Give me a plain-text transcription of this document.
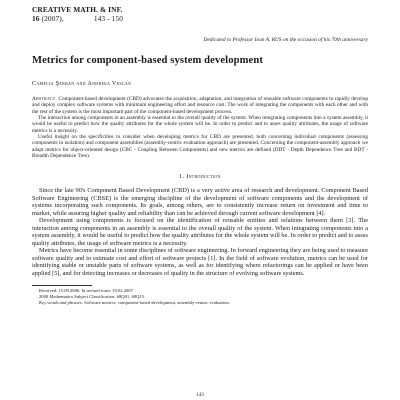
CREATIVE MATH. & INF.
16 (2007),	143 - 150
Dedicated to Professor Ioan A. RUS on the occasion of his 70th anniversary
Metrics for component-based system development
Camelia Şerban and Andreea Vescan

Abstract. Component-based development (CBD) advocates the acquisition, adaptation, and integration of reusable software components to rapidly develop and deploy complex software systems with minimum engineering effort and resource cost. The work of integrating the components with each other and with the rest of the system is the most important part of the component-based development process.

The interaction among components in an assembly is essential to the overall quality of the system. When integrating components into a system assembly, it would be useful to predict how the quality attributes for the whole system will be. In order to predict and to asses quality attributes, the usage of software metrics is a necessity.

Useful insight on the specificities to consider when developing metrics for CBD are presented, both concerning individual components (assessing components in isolation) and component assemblies (assembly-centric evaluation approach) are presented. Concerning the component-assembly approach we adapt metrics for object-oriented design (CBC - Coupling Between Components) and new metrics are defined (DDT - Depth Dependence Tree and BDT - Breadth Dependence Tree).

1. Introduction

Since the late 90's Component Based Development (CBD) is a very active area of research and development. Component Based Software Engineering (CBSE) is the emerging discipline of the development of software components and the development of systems incorporating such components. Its goals, among others, are to consistently increase return on investment and time to market, while assuring higher quality and reliability than can be achieved through current software development [4].

Development using components is focused on the identification of reusable entities and relations between them [3]. The interaction among components in an assembly is essential to the overall quality of the system. When integrating components into a system assembly, it would be useful to predict how the quality attributes for the whole system will be. In order to predict and to asses quality attributes, the usage of software metrics is a necessity.

Metrics have become essential in some disciplines of software engineering. In forward engineering they are being used to measure software quality and to estimate cost and effort of software projects [1]. In the field of software evolution, metrics can be used for identifying stable or unstable parts of software systems, as well as for identifying where refactorings can be applied or have been applied [5], and for detecting increases or decreases of quality in the structure of evolving software systems.

Received: 15.09.2006. In revised form: 19.02.2007
2000 Mathematics Subject Classification. 68Q01, 68Q15.
Key words and phrases. Software metrics, component-based development, assembly-centric evaluation.
143
